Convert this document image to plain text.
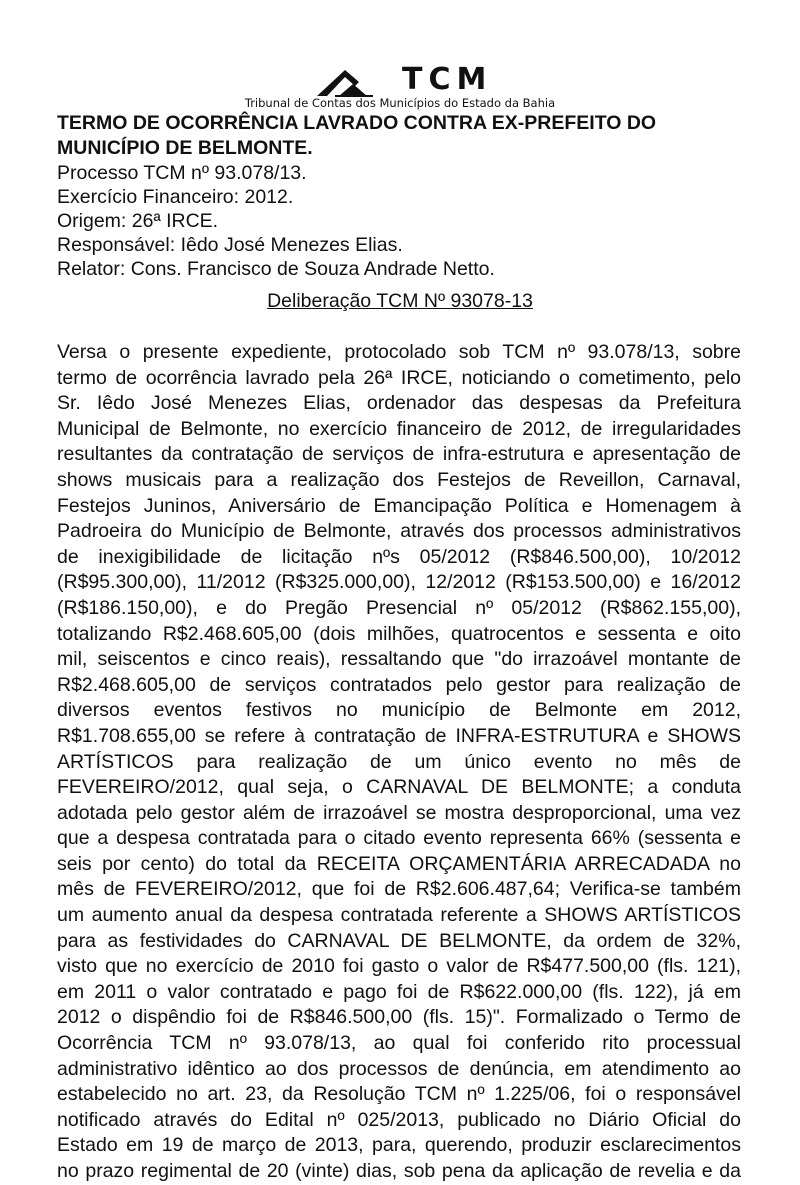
TCM
Tribunal de Contas dos Municípios do Estado da Bahia

TERMO DE OCORRÊNCIA LAVRADO CONTRA EX-PREFEITO DO MUNICÍPIO DE BELMONTE.

Processo TCM nº 93.078/13.

Exercício Financeiro: 2012.

Origem: 26ª IRCE.

Responsável: Iêdo José Menezes Elias.

Relator: Cons. Francisco de Souza Andrade Netto.

Deliberação TCM Nº 93078-13
Versa o presente expediente, protocolado sob TCM nº 93.078/13, sobre
termo de ocorrência lavrado pela 26ª IRCE, noticiando o cometimento, pelo
Sr. Iêdo José Menezes Elias, ordenador das despesas da Prefeitura
Municipal de Belmonte, no exercício financeiro de 2012, de irregularidades
resultantes da contratação de serviços de infra-estrutura e apresentação de
shows musicais para a realização dos Festejos de Reveillon, Carnaval,
Festejos Juninos, Aniversário de Emancipação Política e Homenagem à
Padroeira do Município de Belmonte, através dos processos administrativos
de inexigibilidade de licitação nºs 05/2012 (R$846.500,00), 10/2012
(R$95.300,00), 11/2012 (R$325.000,00), 12/2012 (R$153.500,00) e 16/2012
(R$186.150,00), e do Pregão Presencial nº 05/2012 (R$862.155,00),
totalizando R$2.468.605,00 (dois milhões, quatrocentos e sessenta e oito
mil, seiscentos e cinco reais), ressaltando que "do irrazoável montante de
R$2.468.605,00 de serviços contratados pelo gestor para realização de
diversos eventos festivos no município de Belmonte em 2012,
R$1.708.655,00 se refere à contratação de INFRA-ESTRUTURA e SHOWS
ARTÍSTICOS para realização de um único evento no mês de
FEVEREIRO/2012, qual seja, o CARNAVAL DE BELMONTE; a conduta
adotada pelo gestor além de irrazoável se mostra desproporcional, uma vez
que a despesa contratada para o citado evento representa 66% (sessenta e
seis por cento) do total da RECEITA ORÇAMENTÁRIA ARRECADADA no
mês de FEVEREIRO/2012, que foi de R$2.606.487,64; Verifica-se também
um aumento anual da despesa contratada referente a SHOWS ARTÍSTICOS
para as festividades do CARNAVAL DE BELMONTE, da ordem de 32%,
visto que no exercício de 2010 foi gasto o valor de R$477.500,00 (fls. 121),
em 2011 o valor contratado e pago foi de R$622.000,00 (fls. 122), já em
2012 o dispêndio foi de R$846.500,00 (fls. 15)". Formalizado o Termo de
Ocorrência TCM nº 93.078/13, ao qual foi conferido rito processual
administrativo idêntico ao dos processos de denúncia, em atendimento ao
estabelecido no art. 23, da Resolução TCM nº 1.225/06, foi o responsável
notificado através do Edital nº 025/2013, publicado no Diário Oficial do
Estado em 19 de março de 2013, para, querendo, produzir esclarecimentos
no prazo regimental de 20 (vinte) dias, sob pena da aplicação de revelia e da
